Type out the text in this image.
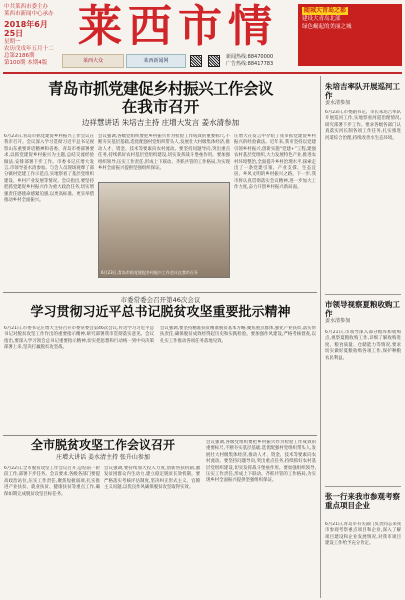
中共莱西市委主办
莱西市新闻中心承办
2018年6月25日
星期一
农历戊戌年五月十二
总第2186期
第100期 本期4版
莱西市情	随城大青岛之都
建设大青岛北部
绿色崛起的美丽之城
莱西大众	莱西新闻网
新闻热线:88470000
广告热线:88417783
青岛市抓党建促乡村振兴工作会议
在我市召开
边祥慧讲话 朱培吉主持 庄增大发言 姜水清参加
6月23日,青岛市抓党建促乡村振兴工作会议在我市召开。会议深入学习贯彻习近平总书记视察山东重要讲话精神和省委、青岛市委部署要求,以抓党建促乡村振兴为主题,总结交流经验做法,安排部署下步工作。市委书记庄增大发言,市领导姜水清参加。与会人员现场观摩了部分镇村党建工作示范点,实地察看了基层党组织建设、乡村产业发展等情况。会议指出,要坚持把抓党建促乡村振兴作为重大政治任务,切实增强责任感使命感紧迫感,以更高标准、更实举措推动乡村全面振兴。
会议强调,各级党组织要把乡村振兴作为检验工作成效的重要标尺,不断夯实基层基础,选优配强村党组织带头人,发展壮大村级集体经济,推动人才、资金、技术等要素向农村流动。要坚持问题导向,突出重点任务,持续抓好农村基层党组织建设,切实发挥战斗堡垒作用。要加强组织领导,压实工作责任,形成上下联动、齐抓共管的工作格局,为实现乡村全面振兴提供坚强组织保证。
6月23日,青岛市抓党建促乡村振兴工作会议在我市召开
庄增大在发言中介绍了我市抓党建促乡村振兴的经验做法。近年来,我市坚持以党建引领乡村振兴,创新实施“党建+”工程,建强农村基层党组织,大力发展特色产业,推进农村环境整治,全面提升乡村治理水平,探索走出了一条党建引领、产业支撑、生态宜居、乡风文明的乡村振兴之路。下一步,我市将认真贯彻落实会议精神,进一步加大工作力度,奋力开创乡村振兴新局面。
市委常委会召开第46次会议
学习贯彻习近平总书记脱贫攻坚重要批示精神
6月21日,市委书记庄增大主持召开市委常委会第46次会议,传达学习习近平总书记对脱贫攻坚工作作出的重要指示精神,研究部署我市贯彻落实意见。会议指出,要深入学习领会总书记重要指示精神,切实把思想和行动统一到中央决策部署上来,坚决打赢脱贫攻坚战。
会议强调,要坚持精准扶贫精准脱贫基本方略,聚焦重点群体,强化产业扶贫,落实帮扶责任,确保脱贫成效经得起历史和实践检验。要加强作风建设,严格考核督查,以扎实工作推动各项任务落地见效。
全市脱贫攻坚工作会议召开
庄增大讲话 姜水清主持 张升山参加
6月22日,全市脱贫攻坚工作会议召开,总结前一阶段工作,部署下步任务。会议要求,各级各部门要提高政治站位,压实工作责任,聚焦短板弱项,扎实推进产业扶贫、就业扶贫、健康扶贫等重点工作,确保如期完成脱贫攻坚目标任务。
会议强调,要持续加大投入力度,创新帮扶机制,激发贫困群众内生动力,建立稳定脱贫长效机制。要严格落实考核评估制度,坚决纠正形式主义、官僚主义问题,以优良作风确保脱贫攻坚取得实效。
会议强调,各级党组织要把乡村振兴作为检验工作成效的重要标尺,不断夯实基层基础,选优配强村党组织带头人,发展壮大村级集体经济,推动人才、资金、技术等要素向农村流动。要坚持问题导向,突出重点任务,持续抓好农村基层党组织建设,切实发挥战斗堡垒作用。要加强组织领导,压实工作责任,形成上下联动、齐抓共管的工作格局,为实现乡村全面振兴提供坚强组织保证。
朱培吉率队开展巡河工作
姜水清参加
6月23日,市委副书记、市长朱培吉率队开展巡河工作,实地察看河道治理情况,研究部署下步工作。要求各级各部门认真落实河长制各项工作任务,扎实推进河道综合治理,持续改善水生态环境。
市领导视察夏粮收购工作
姜水清参加
6月21日,市领导深入部分粮库和收购点,视察夏粮收购工作,详细了解收购进度、粮食质量、仓储能力等情况,要求切实做好夏粮收购各项工作,保护种粮农民利益。
张一行来我市参观考察重点项目企业
6月21日,青岛市有关部门负责同志来我市参观考察重点项目和企业,深入了解项目建设和企业发展情况,对我市项目建设工作给予充分肯定。
